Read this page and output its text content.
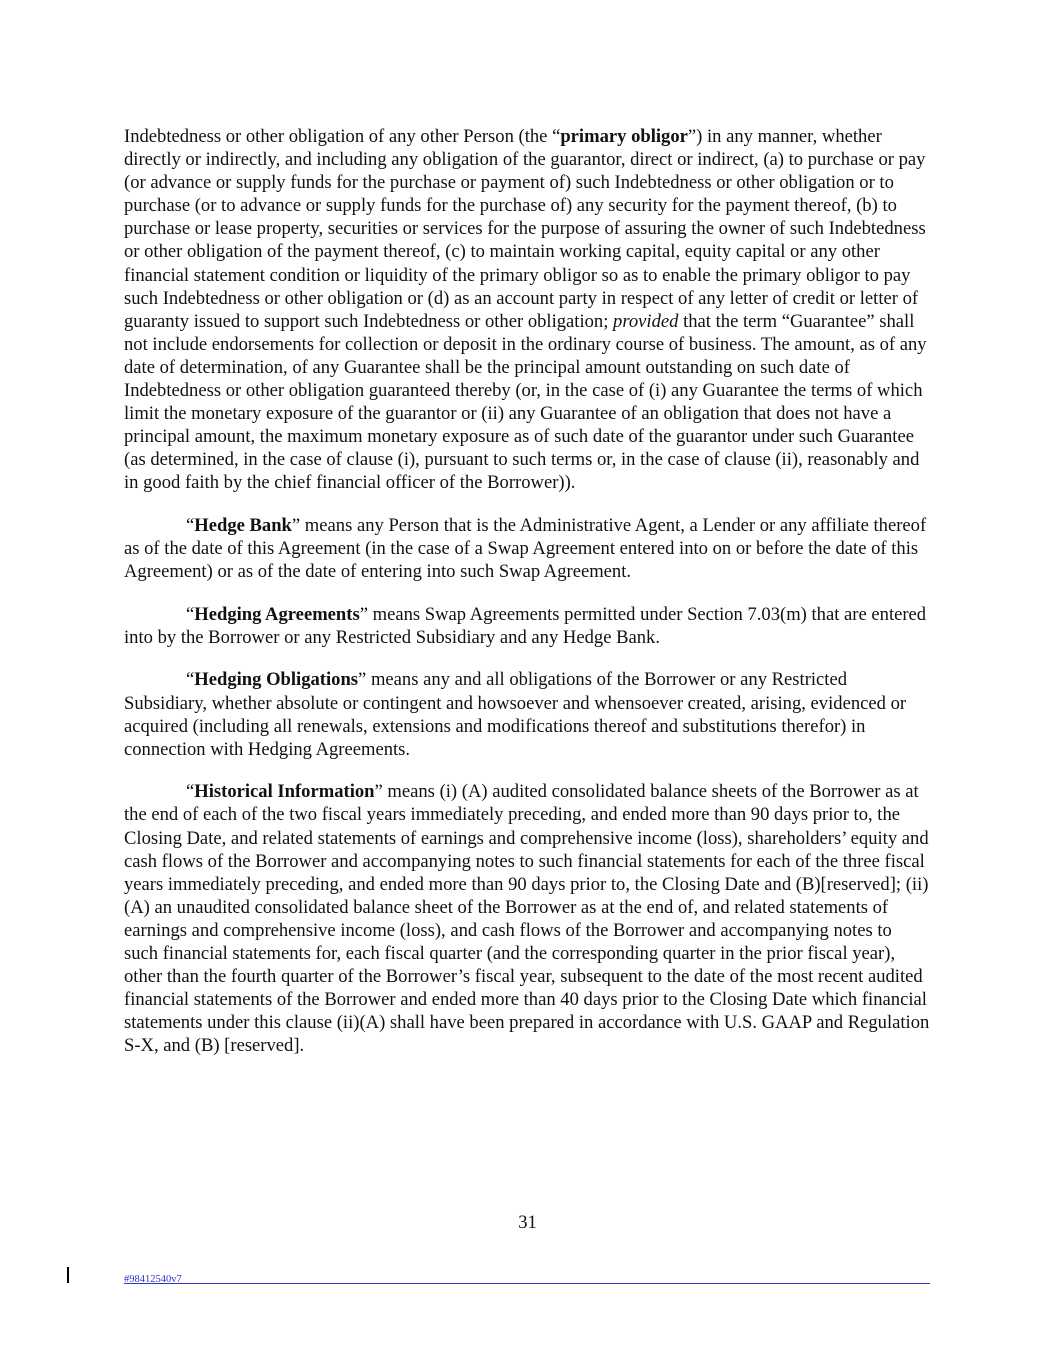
Indebtedness or other obligation of any other Person (the “primary obligor”) in any manner, whether directly or indirectly, and including any obligation of the guarantor, direct or indirect, (a) to purchase or pay (or advance or supply funds for the purchase or payment of) such Indebtedness or other obligation or to purchase (or to advance or supply funds for the purchase of) any security for the payment thereof, (b) to purchase or lease property, securities or services for the purpose of assuring the owner of such Indebtedness or other obligation of the payment thereof, (c) to maintain working capital, equity capital or any other financial statement condition or liquidity of the primary obligor so as to enable the primary obligor to pay such Indebtedness or other obligation or (d) as an account party in respect of any letter of credit or letter of guaranty issued to support such Indebtedness or other obligation; provided that the term “Guarantee” shall not include endorsements for collection or deposit in the ordinary course of business. The amount, as of any date of determination, of any Guarantee shall be the principal amount outstanding on such date of Indebtedness or other obligation guaranteed thereby (or, in the case of (i) any Guarantee the terms of which limit the monetary exposure of the guarantor or (ii) any Guarantee of an obligation that does not have a principal amount, the maximum monetary exposure as of such date of the guarantor under such Guarantee (as determined, in the case of clause (i), pursuant to such terms or, in the case of clause (ii), reasonably and in good faith by the chief financial officer of the Borrower)).

“Hedge Bank” means any Person that is the Administrative Agent, a Lender or any affiliate thereof as of the date of this Agreement (in the case of a Swap Agreement entered into on or before the date of this Agreement) or as of the date of entering into such Swap Agreement.

“Hedging Agreements” means Swap Agreements permitted under Section 7.03(m) that are entered into by the Borrower or any Restricted Subsidiary and any Hedge Bank.

“Hedging Obligations” means any and all obligations of the Borrower or any Restricted Subsidiary, whether absolute or contingent and howsoever and whensoever created, arising, evidenced or acquired (including all renewals, extensions and modifications thereof and substitutions therefor) in connection with Hedging Agreements.

“Historical Information” means (i) (A) audited consolidated balance sheets of the Borrower as at the end of each of the two fiscal years immediately preceding, and ended more than 90 days prior to, the Closing Date, and related statements of earnings and comprehensive income (loss), shareholders’ equity and cash flows of the Borrower and accompanying notes to such financial statements for each of the three fiscal years immediately preceding, and ended more than 90 days prior to, the Closing Date and (B)[reserved]; (ii) (A) an unaudited consolidated balance sheet of the Borrower as at the end of, and related statements of earnings and comprehensive income (loss), and cash flows of the Borrower and accompanying notes to such financial statements for, each fiscal quarter (and the corresponding quarter in the prior fiscal year), other than the fourth quarter of the Borrower’s fiscal year, subsequent to the date of the most recent audited financial statements of the Borrower and ended more than 40 days prior to the Closing Date which financial statements under this clause (ii)(A) shall have been prepared in accordance with U.S. GAAP and Regulation S-X, and (B) [reserved].

31
#98412540v7
